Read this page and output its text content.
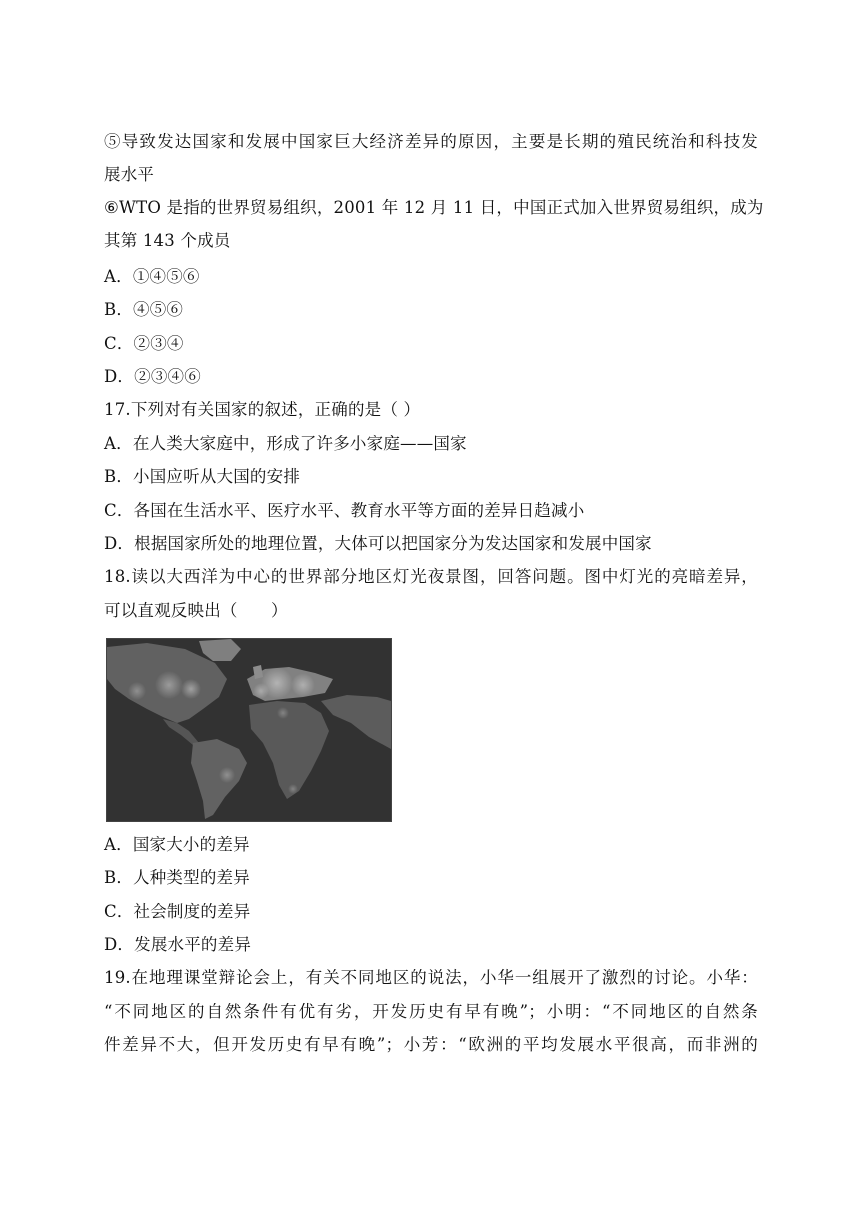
⑤导致发达国家和发展中国家巨大经济差异的原因，主要是长期的殖民统治和科技发
展水平
⑥WTO 是指的世界贸易组织，2001 年 12 月 11 日，中国正式加入世界贸易组织，成为
其第 143 个成员
A．①④⑤⑥
B．④⑤⑥
C．②③④
D．②③④⑥
17.下列对有关国家的叙述，正确的是（ ）
A．在人类大家庭中，形成了许多小家庭——国家
B．小国应听从大国的安排
C．各国在生活水平、医疗水平、教育水平等方面的差异日趋减小
D．根据国家所处的地理位置，大体可以把国家分为发达国家和发展中国家
18.读以大西洋为中心的世界部分地区灯光夜景图，回答问题。图中灯光的亮暗差异，
可以直观反映出（　　）
A．国家大小的差异
B．人种类型的差异
C．社会制度的差异
D．发展水平的差异
19.在地理课堂辩论会上，有关不同地区的说法，小华一组展开了激烈的讨论。小华：
“不同地区的自然条件有优有劣，开发历史有早有晚”；小明：“不同地区的自然条
件差异不大，但开发历史有早有晚”；小芳：“欧洲的平均发展水平很高，而非洲的
